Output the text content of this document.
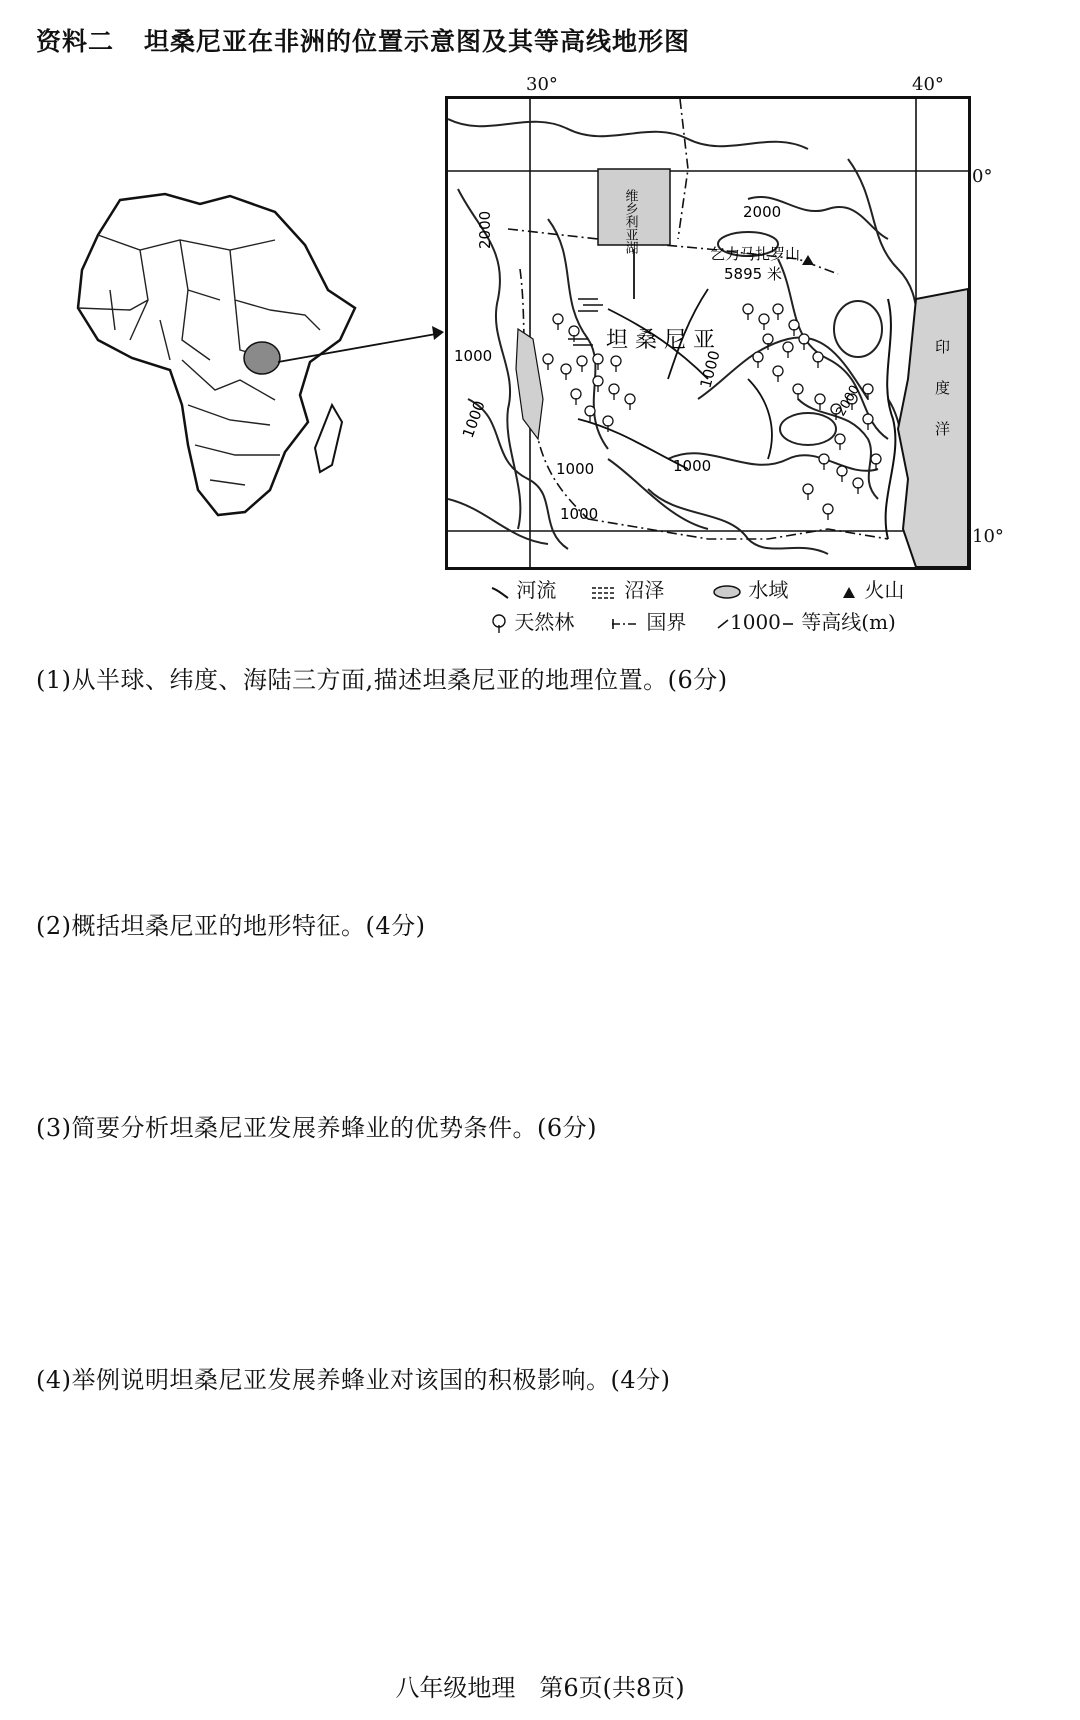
资料二 坦桑尼亚在非洲的位置示意图及其等高线地形图
30°	40°
0°
10°
维乡利亚湖	乞力马扎罗山
5895 米
坦 桑 尼 亚	印度洋
2000
2000
1000
1000
1000	1000
1000
1000
2000
河流	沼泽	水域	火山
天然林	国界	1000 等高线(m)
(1)从半球、纬度、海陆三方面,描述坦桑尼亚的地理位置。(6分)
(2)概括坦桑尼亚的地形特征。(4分)
(3)简要分析坦桑尼亚发展养蜂业的优势条件。(6分)
(4)举例说明坦桑尼亚发展养蜂业对该国的积极影响。(4分)
八年级地理　第6页(共8页)
